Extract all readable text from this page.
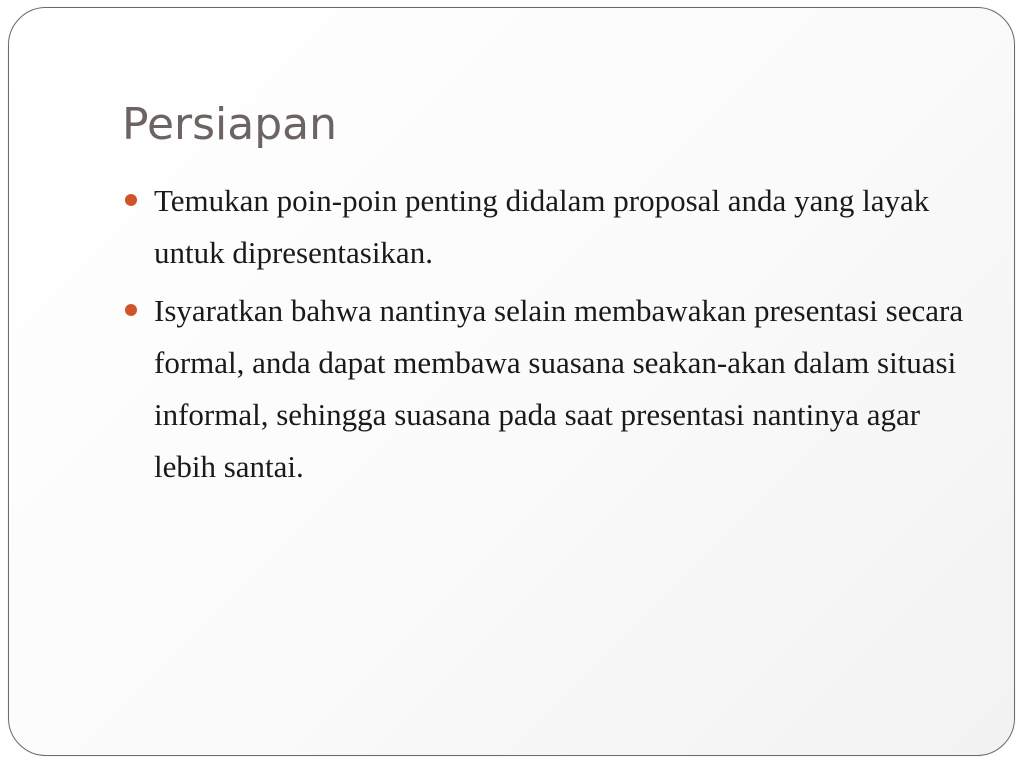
Persiapan
Temukan poin-poin penting didalam proposal anda yang layak untuk dipresentasikan.
Isyaratkan bahwa nantinya selain membawakan presentasi secara formal, anda dapat membawa suasana seakan-akan dalam situasi informal, sehingga suasana pada saat presentasi nantinya agar lebih santai.
